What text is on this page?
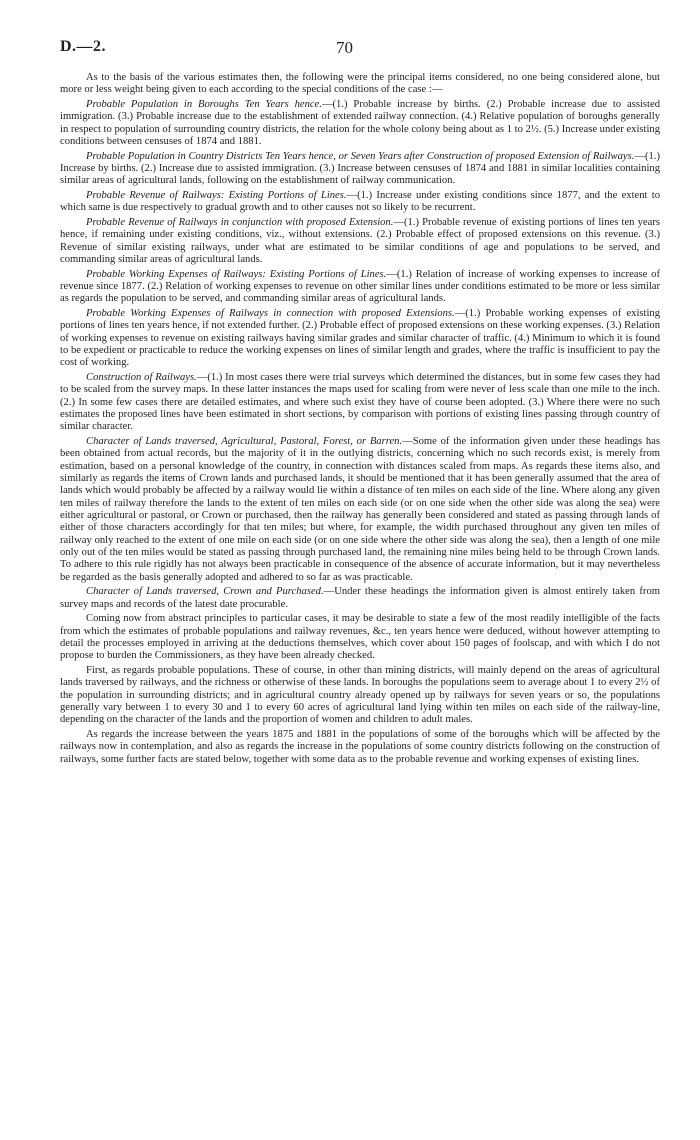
D.—2.	70

As to the basis of the various estimates then, the following were the principal items considered, no one being considered alone, but more or less weight being given to each according to the special conditions of the case :—

Probable Population in Boroughs Ten Years hence.—(1.) Probable increase by births. (2.) Probable increase due to assisted immigration. (3.) Probable increase due to the establishment of extended railway connection. (4.) Relative population of boroughs generally in respect to population of surrounding country districts, the relation for the whole colony being about as 1 to 2½. (5.) Increase under existing conditions between censuses of 1874 and 1881.

Probable Population in Country Districts Ten Years hence, or Seven Years after Construction of proposed Extension of Railways.—(1.) Increase by births. (2.) Increase due to assisted immigration. (3.) Increase between censuses of 1874 and 1881 in similar localities containing similar areas of agricultural lands, following on the establishment of railway communication.

Probable Revenue of Railways: Existing Portions of Lines.—(1.) Increase under existing conditions since 1877, and the extent to which same is due respectively to gradual growth and to other causes not so likely to be recurrent.

Probable Revenue of Railways in conjunction with proposed Extension.—(1.) Probable revenue of existing portions of lines ten years hence, if remaining under existing conditions, viz., without extensions. (2.) Probable effect of proposed extensions on this revenue. (3.) Revenue of similar existing railways, under what are estimated to be similar conditions of age and populations to be served, and commanding similar areas of agricultural lands.

Probable Working Expenses of Railways: Existing Portions of Lines.—(1.) Relation of increase of working expenses to increase of revenue since 1877. (2.) Relation of working expenses to revenue on other similar lines under conditions estimated to be more or less similar as regards the population to be served, and commanding similar areas of agricultural lands.

Probable Working Expenses of Railways in connection with proposed Extensions.—(1.) Probable working expenses of existing portions of lines ten years hence, if not extended further. (2.) Probable effect of proposed extensions on these working expenses. (3.) Relation of working expenses to revenue on existing railways having similar grades and similar character of traffic. (4.) Minimum to which it is found to be expedient or practicable to reduce the working expenses on lines of similar length and grades, where the traffic is insufficient to pay the cost of working.

Construction of Railways.—(1.) In most cases there were trial surveys which determined the distances, but in some few cases they had to be scaled from the survey maps. In these latter instances the maps used for scaling from were never of less scale than one mile to the inch. (2.) In some few cases there are detailed estimates, and where such exist they have of course been adopted. (3.) Where there were no such estimates the proposed lines have been estimated in short sections, by comparison with portions of existing lines passing through country of similar character.

Character of Lands traversed, Agricultural, Pastoral, Forest, or Barren.—Some of the information given under these headings has been obtained from actual records, but the majority of it in the outlying districts, concerning which no such records exist, is merely from estimation, based on a personal knowledge of the country, in connection with distances scaled from maps. As regards these items also, and similarly as regards the items of Crown lands and purchased lands, it should be mentioned that it has been generally assumed that the area of lands which would probably be affected by a railway would lie within a distance of ten miles on each side of the line. Where along any given ten miles of railway therefore the lands to the extent of ten miles on each side (or on one side when the other side was along the sea) were either agricultural or pastoral, or Crown or purchased, then the railway has generally been considered and stated as passing through lands of either of those characters accordingly for that ten miles; but where, for example, the width purchased throughout any given ten miles of railway only reached to the extent of one mile on each side (or on one side where the other side was along the sea), then a length of one mile only out of the ten miles would be stated as passing through purchased land, the remaining nine miles being held to be through Crown lands. To adhere to this rule rigidly has not always been practicable in consequence of the absence of accurate information, but it may nevertheless be regarded as the basis generally adopted and adhered to so far as was practicable.

Character of Lands traversed, Crown and Purchased.—Under these headings the information given is almost entirely taken from survey maps and records of the latest date procurable.

Coming now from abstract principles to particular cases, it may be desirable to state a few of the most readily intelligible of the facts from which the estimates of probable populations and railway revenues, &c., ten years hence were deduced, without however attempting to detail the processes employed in arriving at the deductions themselves, which cover about 150 pages of foolscap, and with which I do not propose to burden the Commissioners, as they have been already checked.

First, as regards probable populations. These of course, in other than mining districts, will mainly depend on the areas of agricultural lands traversed by railways, and the richness or otherwise of these lands. In boroughs the populations seem to average about 1 to every 2½ of the population in surrounding districts; and in agricultural country already opened up by railways for seven years or so, the populations generally vary between 1 to every 30 and 1 to every 60 acres of agricultural land lying within ten miles on each side of the railway-line, depending on the character of the lands and the proportion of women and children to adult males.

As regards the increase between the years 1875 and 1881 in the populations of some of the boroughs which will be affected by the railways now in contemplation, and also as regards the increase in the populations of some country districts following on the construction of railways, some further facts are stated below, together with some data as to the probable revenue and working expenses of existing lines.
